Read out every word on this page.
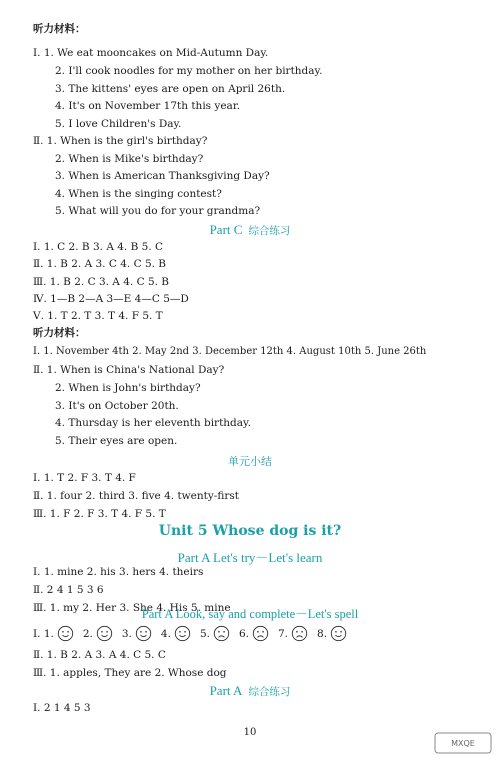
听力材料：
Ⅰ. 1. We eat mooncakes on Mid-Autumn Day.
2. I'll cook noodles for my mother on her birthday.
3. The kittens' eyes are open on April 26th.
4. It's on November 17th this year.
5. I love Children's Day.
Ⅱ. 1. When is the girl's birthday?
2. When is Mike's birthday?
3. When is American Thanksgiving Day?
4. When is the singing contest?
5. What will you do for your grandma?
Part C 综合练习
Ⅰ. 1. C 2. B 3. A 4. B 5. C
Ⅱ. 1. B 2. A 3. C 4. C 5. B
Ⅲ. 1. B 2. C 3. A 4. C 5. B
Ⅳ. 1—B 2—A 3—E 4—C 5—D
Ⅴ. 1. T 2. T 3. T 4. F 5. T
听力材料：
Ⅰ. 1. November 4th 2. May 2nd 3. December 12th 4. August 10th 5. June 26th
Ⅱ. 1. When is China's National Day?
2. When is John's birthday?
3. It's on October 20th.
4. Thursday is her eleventh birthday.
5. Their eyes are open.
单元小结
Ⅰ. 1. T 2. F 3. T 4. F
Ⅱ. 1. four 2. third 3. five 4. twenty-first
Ⅲ. 1. F 2. F 3. T 4. F 5. T
Unit 5 Whose dog is it?
Part A Let's try－Let's learn
Ⅰ. 1. mine 2. his 3. hers 4. theirs
Ⅱ. 2 4 1 5 3 6
Ⅲ. 1. my 2. Her 3. She 4. His 5. mine
Part A Look, say and complete－Let's spell
Ⅰ. 1.	2.	3.	4.	5.	6.	7.	8.
Ⅱ. 1. B 2. A 3. A 4. C 5. C
Ⅲ. 1. apples, They are 2. Whose dog
Part A 综合练习
Ⅰ. 2 1 4 5 3
10
MXQE
